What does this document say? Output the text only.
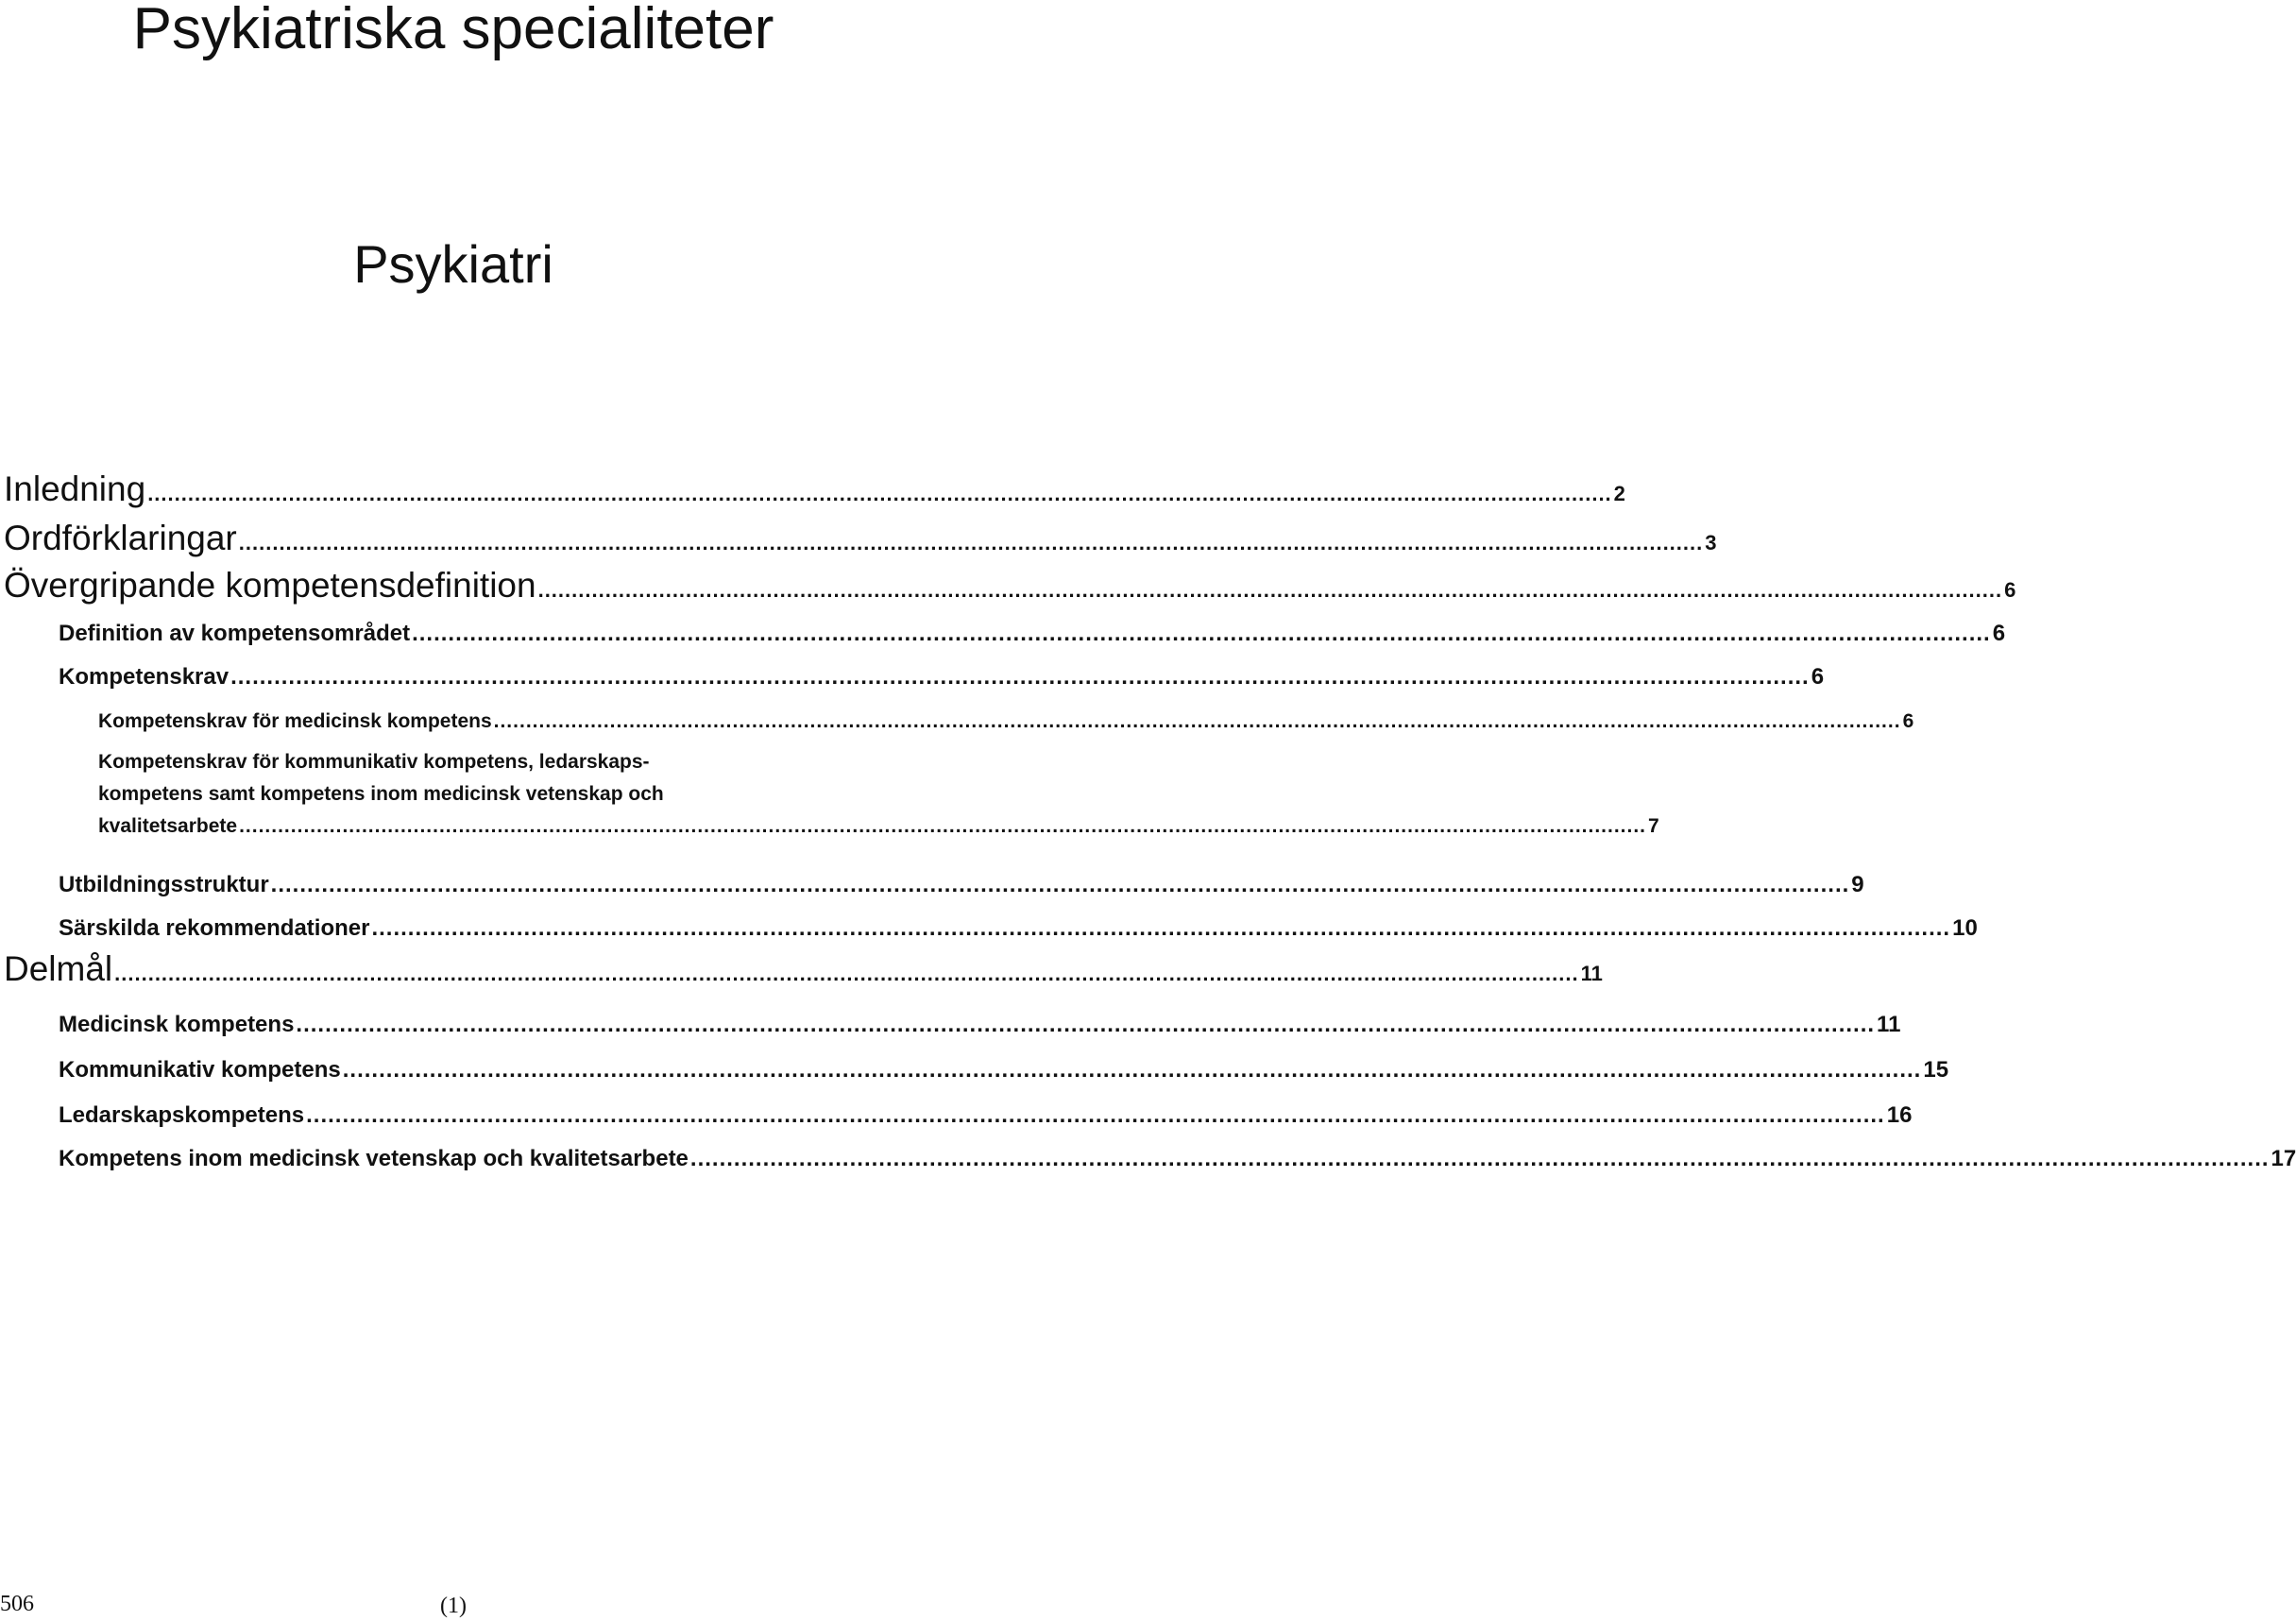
Psykiatriska specialiteter
Psykiatri
Inledning .......................................................................................................................................................................................................................... 2
Ordförklaringar .......................................................................................................................................................................................................................... 3
Övergripande kompetensdefinition .......................................................................................................................................................................................................................... 6
Definition av kompetensområdet .......................................................................................................................................................................................................................... 6
Kompetenskrav .......................................................................................................................................................................................................................... 6
Kompetenskrav för medicinsk kompetens .......................................................................................................................................................................................................................... 6
Kompetenskrav för kommunikativ kompetens, ledarskaps-
kompetens samt kompetens inom medicinsk vetenskap och
kvalitetsarbete .......................................................................................................................................................................................................................... 7
Utbildningsstruktur .......................................................................................................................................................................................................................... 9
Särskilda rekommendationer .......................................................................................................................................................................................................................... 10
Delmål .......................................................................................................................................................................................................................... 11
Medicinsk kompetens .......................................................................................................................................................................................................................... 11
Kommunikativ kompetens .......................................................................................................................................................................................................................... 15
Ledarskapskompetens .......................................................................................................................................................................................................................... 16
Kompetens inom medicinsk vetenskap och kvalitetsarbete .......................................................................................................................................................................................................................... 17
506	(1)
